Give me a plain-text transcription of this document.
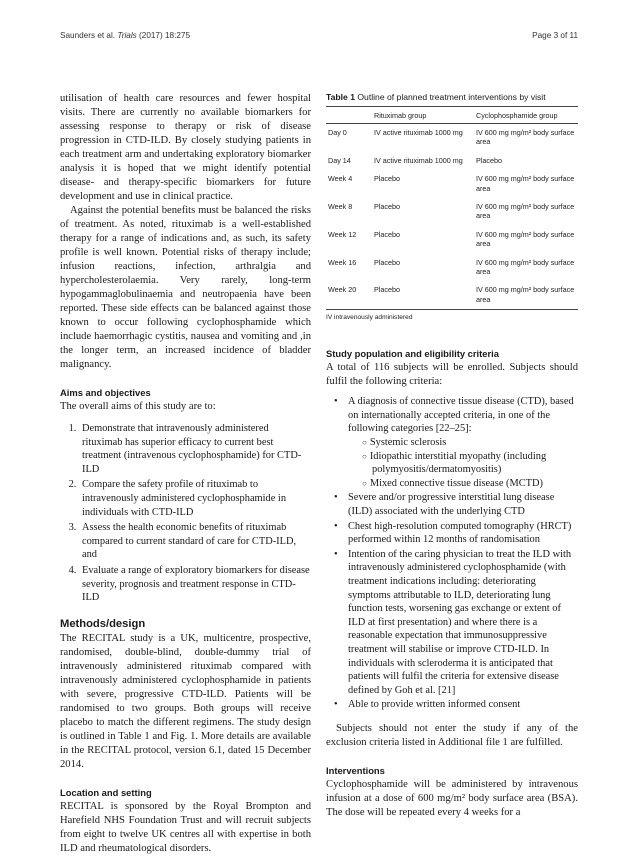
Saunders et al. Trials (2017) 18:275	Page 3 of 11

utilisation of health care resources and fewer hospital visits. There are currently no available biomarkers for assessing response to therapy or risk of disease progression in CTD-ILD. By closely studying patients in each treatment arm and undertaking exploratory biomarker analysis it is hoped that we might identify potential disease- and therapy-specific biomarkers for future development and use in clinical practice.

Against the potential benefits must be balanced the risks of treatment. As noted, rituximab is a well-established therapy for a range of indications and, as such, its safety profile is well known. Potential risks of therapy include; infusion reactions, infection, arthralgia and hypercholesterolaemia. Very rarely, long-term hypogammaglobulinaemia and neutropaenia have been reported. These side effects can be balanced against those known to occur following cyclophosphamide which include haemorrhagic cystitis, nausea and vomiting and ,in the longer term, an increased incidence of bladder malignancy.

Aims and objectives

The overall aims of this study are to:

1. Demonstrate that intravenously administered rituximab has superior efficacy to current best treatment (intravenous cyclophosphamide) for CTD-ILD
2. Compare the safety profile of rituximab to intravenously administered cyclophosphamide in individuals with CTD-ILD
3. Assess the health economic benefits of rituximab compared to current standard of care for CTD-ILD, and
4. Evaluate a range of exploratory biomarkers for disease severity, prognosis and treatment response in CTD-ILD
Methods/design

The RECITAL study is a UK, multicentre, prospective, randomised, double-blind, double-dummy trial of intravenously administered rituximab compared with intravenously administered cyclophosphamide in patients with severe, progressive CTD-ILD. Patients will be randomised to two groups. Both groups will receive placebo to match the different regimens. The study design is outlined in Table 1 and Fig. 1. More details are available in the RECITAL protocol, version 6.1, dated 15 December 2014.

Location and setting

RECITAL is sponsored by the Royal Brompton and Harefield NHS Foundation Trust and will recruit subjects from eight to twelve UK centres all with expertise in both ILD and rheumatological disorders.

Table 1 Outline of planned treatment interventions by visit
	Rituximab group	Cyclophosphamide group
Day 0	IV active rituximab 1000 mg	IV 600 mg mg/m² body surface area
Day 14	IV active rituximab 1000 mg	Placebo
Week 4	Placebo	IV 600 mg mg/m² body surface area
Week 8	Placebo	IV 600 mg mg/m² body surface area
Week 12	Placebo	IV 600 mg mg/m² body surface area
Week 16	Placebo	IV 600 mg mg/m² body surface area
Week 20	Placebo	IV 600 mg mg/m² body surface area
IV intravenously administered
Study population and eligibility criteria

A total of 116 subjects will be enrolled. Subjects should fulfil the following criteria:

• A diagnosis of connective tissue disease (CTD), based on internationally accepted criteria, in one of the following categories [22–25]:
○ Systemic sclerosis
○ Idiopathic interstitial myopathy (including polymyositis/dermatomyositis)
○ Mixed connective tissue disease (MCTD)
• Severe and/or progressive interstitial lung disease (ILD) associated with the underlying CTD
• Chest high-resolution computed tomography (HRCT) performed within 12 months of randomisation
• Intention of the caring physician to treat the ILD with intravenously administered cyclophosphamide (with treatment indications including: deteriorating symptoms attributable to ILD, deteriorating lung function tests, worsening gas exchange or extent of ILD at first presentation) and where there is a reasonable expectation that immunosuppressive treatment will stabilise or improve CTD-ILD. In individuals with scleroderma it is anticipated that patients will fulfil the criteria for extensive disease defined by Goh et al. [21]
• Able to provide written informed consent

Subjects should not enter the study if any of the exclusion criteria listed in Additional file 1 are fulfilled.

Interventions

Cyclophosphamide will be administered by intravenous infusion at a dose of 600 mg/m² body surface area (BSA). The dose will be repeated every 4 weeks for a
